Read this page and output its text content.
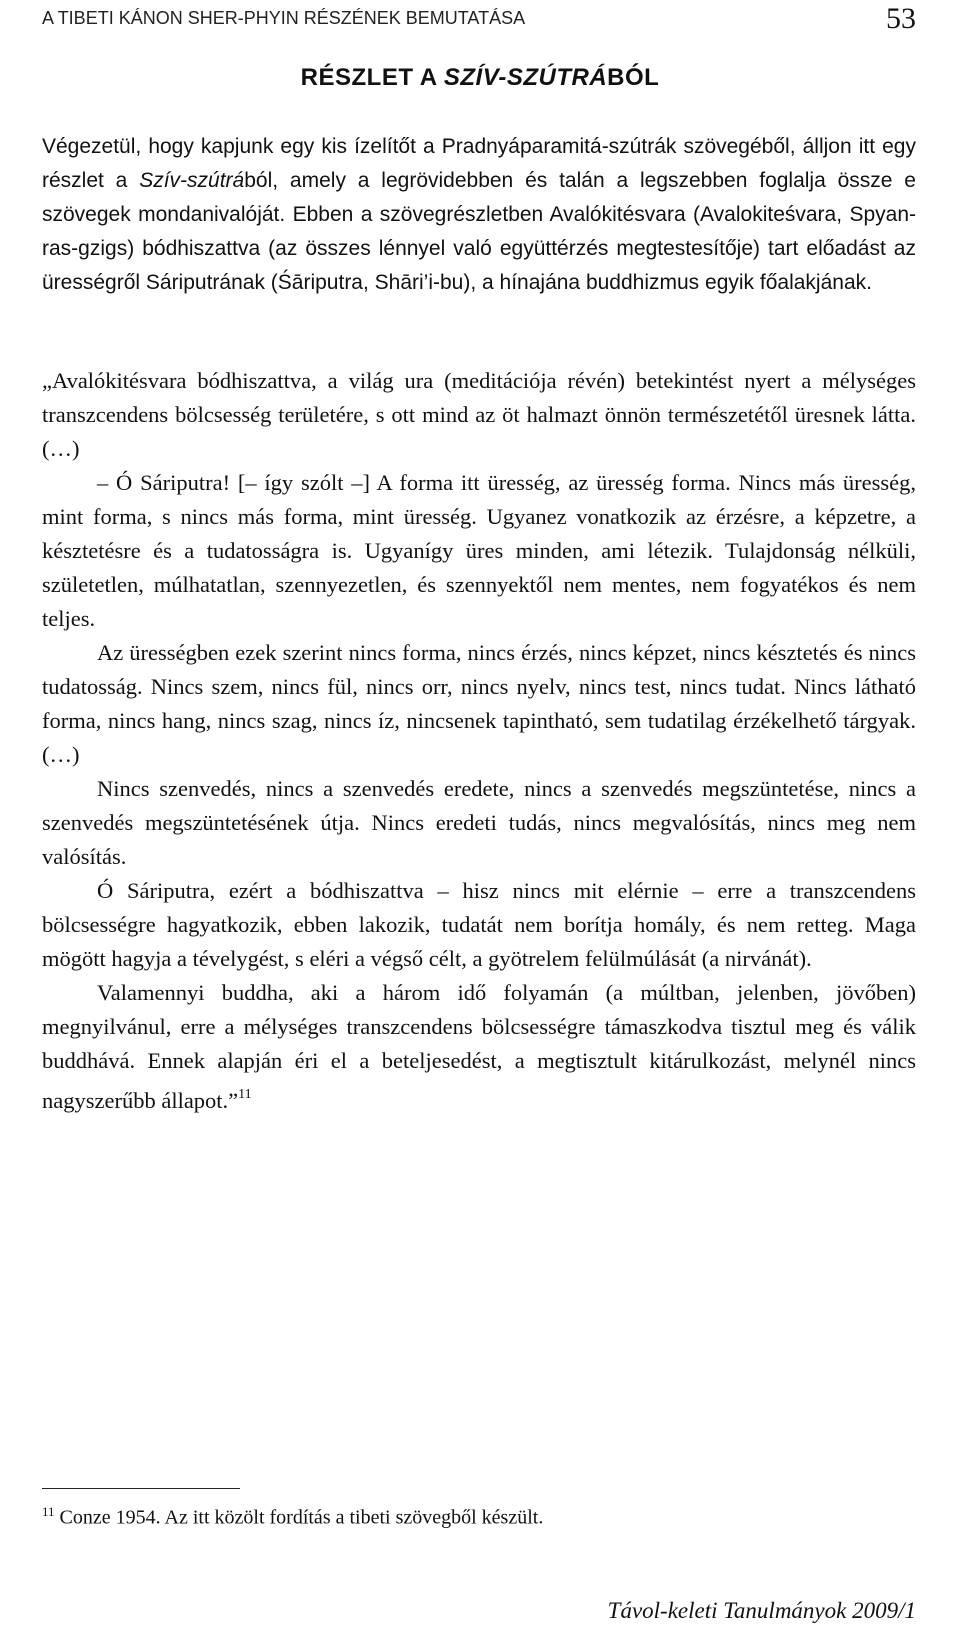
A TIBETI KÁNON SHER-PHYIN RÉSZÉNEK BEMUTATÁSA	53
RÉSZLET A SZÍV-SZÚTRÁBÓL

Végezetül, hogy kapjunk egy kis ízelítőt a Pradnyáparamitá-szútrák szövegéből, álljon itt egy részlet a Szív-szútrából, amely a legrövidebben és talán a legszebben foglalja össze e szövegek mondanivalóját. Ebben a szövegrészletben Avalókitésvara (Avalokiteśvara, Spyan-ras-gzigs) bódhiszattva (az összes lénnyel való együttérzés megtestesítője) tart előadást az ürességről Sáriputrának (Śāriputra, Shāri’i-bu), a hínajána buddhizmus egyik főalakjának.

„Avalókitésvara bódhiszattva, a világ ura (meditációja révén) betekintést nyert a mélységes transzcendens bölcsesség területére, s ott mind az öt halmazt önnön természetétől üresnek látta. (…)
– Ó Sáriputra! [– így szólt –] A forma itt üresség, az üresség forma. Nincs más üresség, mint forma, s nincs más forma, mint üresség. Ugyanez vonatkozik az érzésre, a képzetre, a késztetésre és a tudatosságra is. Ugyanígy üres minden, ami létezik. Tulajdonság nélküli, születetlen, múlhatatlan, szennyezetlen, és szennyektől nem mentes, nem fogyatékos és nem teljes.
Az ürességben ezek szerint nincs forma, nincs érzés, nincs képzet, nincs késztetés és nincs tudatosság. Nincs szem, nincs fül, nincs orr, nincs nyelv, nincs test, nincs tudat. Nincs látható forma, nincs hang, nincs szag, nincs íz, nincsenek tapintható, sem tudatilag érzékelhető tárgyak. (…)
Nincs szenvedés, nincs a szenvedés eredete, nincs a szenvedés megszüntetése, nincs a szenvedés megszüntetésének útja. Nincs eredeti tudás, nincs megvalósítás, nincs meg nem valósítás.
Ó Sáriputra, ezért a bódhiszattva – hisz nincs mit elérnie – erre a transzcendens bölcsességre hagyatkozik, ebben lakozik, tudatát nem borítja homály, és nem retteg. Maga mögött hagyja a tévelygést, s eléri a végső célt, a gyötrelem felülmúlását (a nirvánát).
Valamennyi buddha, aki a három idő folyamán (a múltban, jelenben, jövőben) megnyilvánul, erre a mélységes transzcendens bölcsességre támaszkodva tisztul meg és válik buddhává. Ennek alapján éri el a beteljesedést, a megtisztult kitárulkozást, melynél nincs nagyszerűbb állapot.”$^{11}$
$^{11}$ Conze 1954. Az itt közölt fordítás a tibeti szövegből készült.
Távol-keleti Tanulmányok 2009/1
